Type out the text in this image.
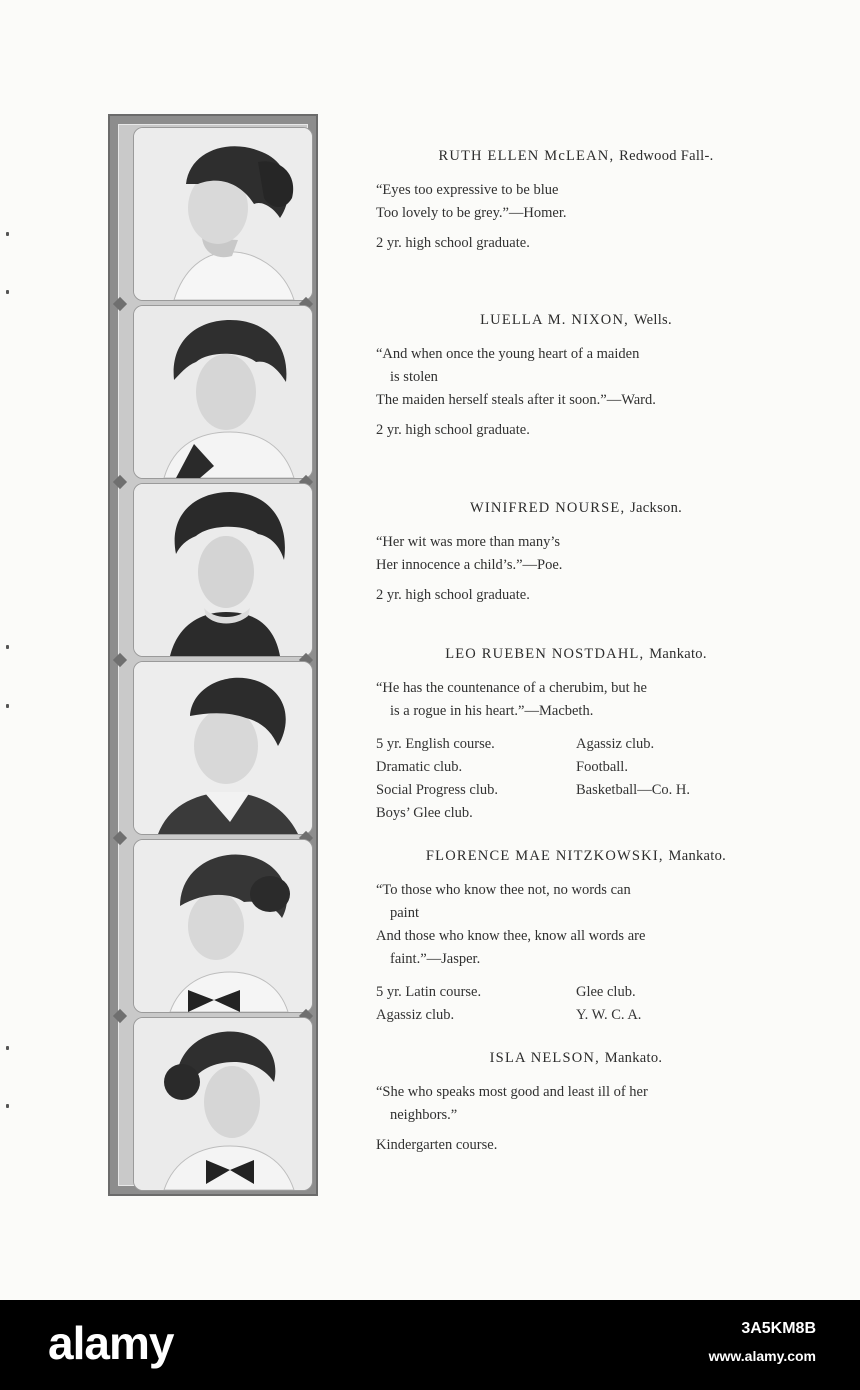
RUTH ELLEN McLEAN, Redwood Fall-.

“Eyes too expressive to be blue
Too lovely to be grey.”—Homer.

2 yr. high school graduate.

LUELLA M. NIXON, Wells.

“And when once the young heart of a maiden
is stolen
The maiden herself steals after it soon.”—Ward.

2 yr. high school graduate.

WINIFRED NOURSE, Jackson.

“Her wit was more than many’s
Her innocence a child’s.”—Poe.

2 yr. high school graduate.

LEO RUEBEN NOSTDAHL, Mankato.

“He has the countenance of a cherubim, but he
is a rogue in his heart.”—Macbeth.

5 yr. English course.
Dramatic club.
Social Progress club.
Boys’ Glee club.
Agassiz club.
Football.
Basketball—Co. H.

FLORENCE MAE NITZKOWSKI, Mankato.

“To those who know thee not, no words can
paint
And those who know thee, know all words are
faint.”—Jasper.

5 yr. Latin course.
Agassiz club.
Glee club.
Y. W. C. A.

ISLA NELSON, Mankato.

“She who speaks most good and least ill of her
neighbors.”

Kindergarten course.

alamy	3A5KM8B
www.alamy.com
